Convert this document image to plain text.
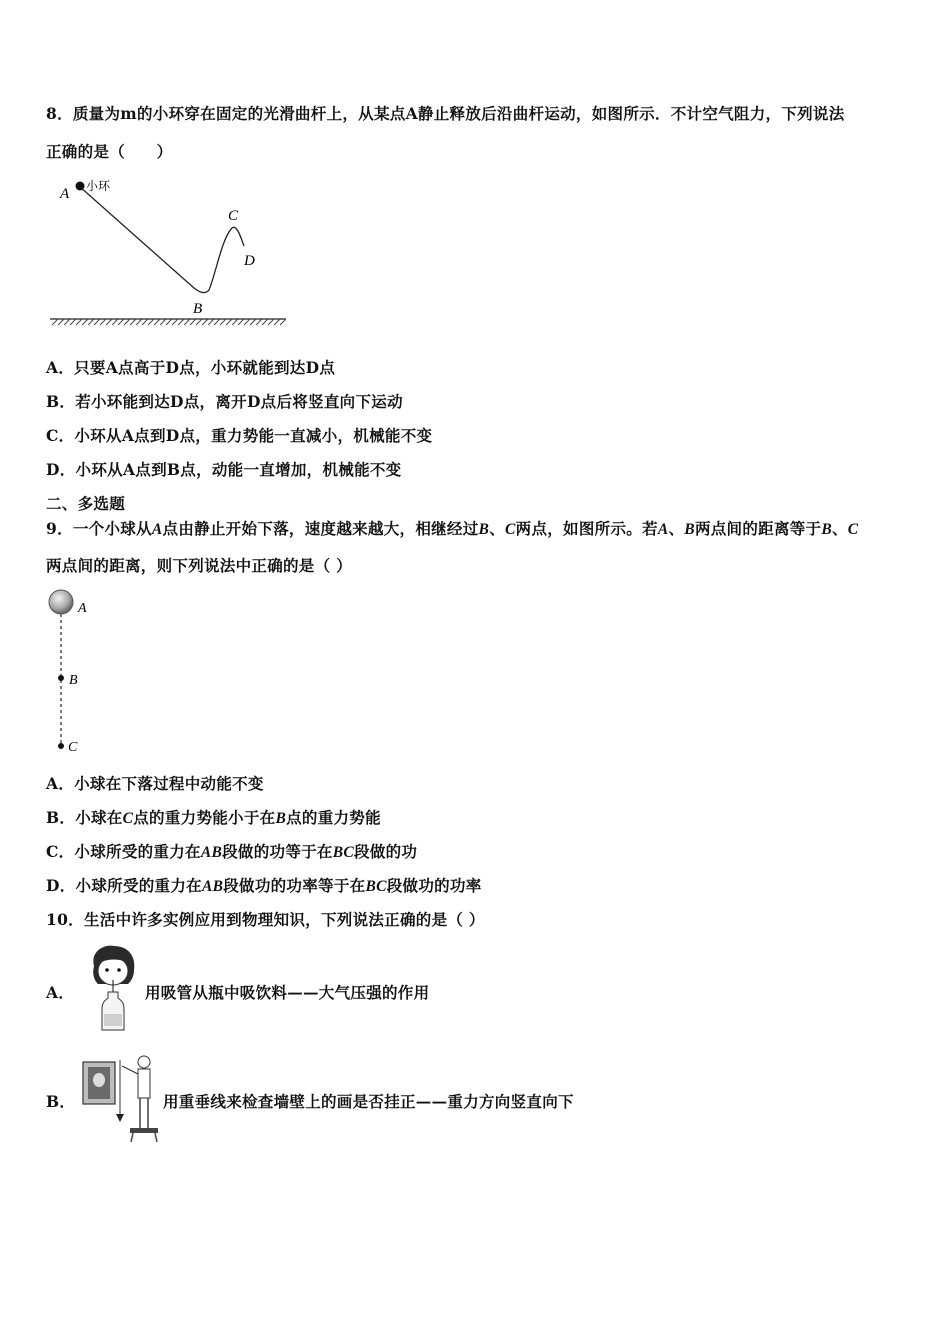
8．质量为m的小环穿在固定的光滑曲杆上，从某点A静止释放后沿曲杆运动，如图所示．不计空气阻力，下列说法
正确的是（　　）
A 小环
C
D
B
A．只要A点高于D点，小环就能到达D点
B．若小环能到达D点，离开D点后将竖直向下运动
C．小环从A点到D点，重力势能一直减小，机械能不变
D．小环从A点到B点，动能一直增加，机械能不变
二、多选题
9．一个小球从A点由静止开始下落，速度越来越大，相继经过B、C两点，如图所示。若A、B两点间的距离等于B、C
两点间的距离，则下列说法中正确的是（ ）
A
B
C
A．小球在下落过程中动能不变
B．小球在C点的重力势能小于在B点的重力势能
C．小球所受的重力在AB段做的功等于在BC段做的功
D．小球所受的重力在AB段做功的功率等于在BC段做功的功率
10．生活中许多实例应用到物理知识，下列说法正确的是（ ）
A．	用吸管从瓶中吸饮料——大气压强的作用
B．	用重垂线来检查墙壁上的画是否挂正——重力方向竖直向下
